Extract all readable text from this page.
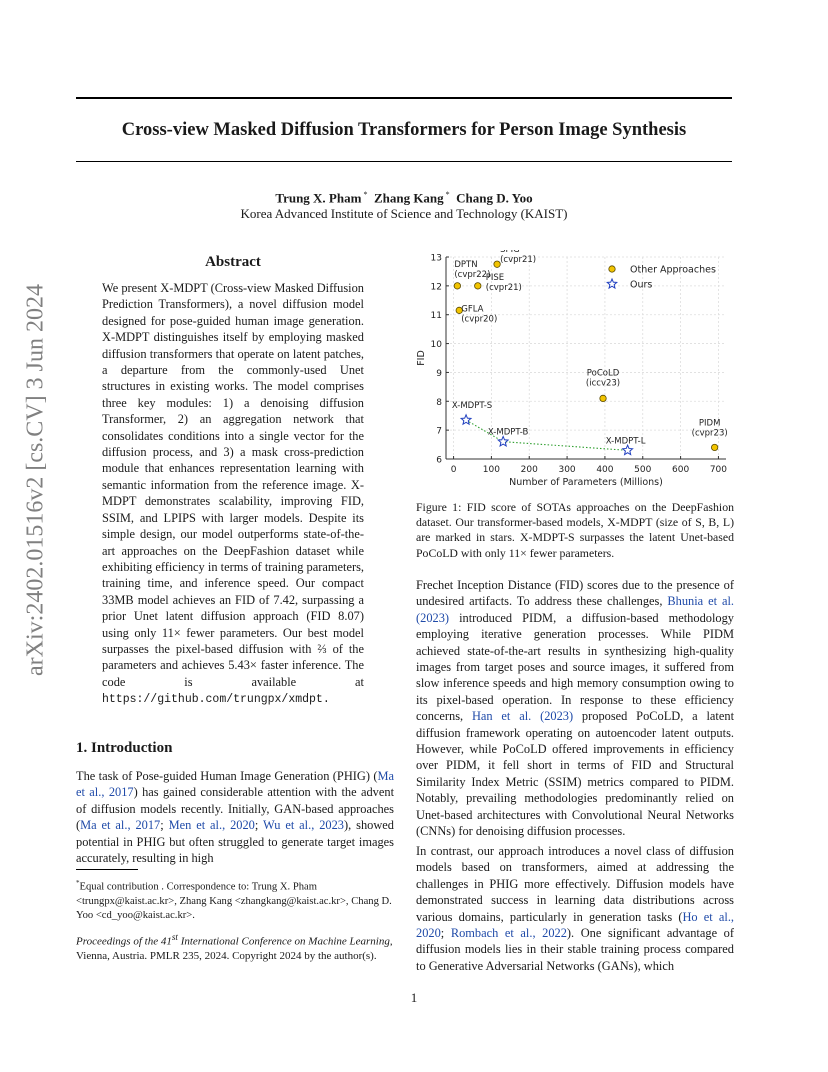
Cross-view Masked Diffusion Transformers for Person Image Synthesis
Trung X. Pham * Zhang Kang * Chang D. Yoo
Korea Advanced Institute of Science and Technology (KAIST)
arXiv:2402.01516v2 [cs.CV] 3 Jun 2024
Abstract
We present X-MDPT (Cross-view Masked Diffusion Prediction Transformers), a novel diffusion model designed for pose-guided human image generation. X-MDPT distinguishes itself by employing masked diffusion transformers that operate on latent patches, a departure from the commonly-used Unet structures in existing works. The model comprises three key modules: 1) a denoising diffusion Transformer, 2) an aggregation network that consolidates conditions into a single vector for the diffusion process, and 3) a mask cross-prediction module that enhances representation learning with semantic information from the reference image. X-MDPT demonstrates scalability, improving FID, SSIM, and LPIPS with larger models. Despite its simple design, our model outperforms state-of-the-art approaches on the DeepFashion dataset while exhibiting efficiency in terms of training parameters, training time, and inference speed. Our compact 33MB model achieves an FID of 7.42, surpassing a prior Unet latent diffusion approach (FID 8.07) using only 11× fewer parameters. Our best model surpasses the pixel-based diffusion with ⅔ of the parameters and achieves 5.43× faster inference. The code is available at https://github.com/trungpx/xmdpt.
1. Introduction
The task of Pose-guided Human Image Generation (PHIG) (Ma et al., 2017) has gained considerable attention with the advent of diffusion models recently. Initially, GAN-based approaches (Ma et al., 2017; Men et al., 2020; Wu et al., 2023), showed potential in PHIG but often struggled to generate target images accurately, resulting in high
*Equal contribution . Correspondence to: Trung X. Pham <trungpx@kaist.ac.kr>, Zhang Kang <zhangkang@kaist.ac.kr>, Chang D. Yoo <cd_yoo@kaist.ac.kr>.
Proceedings of the 41st International Conference on Machine Learning, Vienna, Austria. PMLR 235, 2024. Copyright 2024 by the author(s).
0	100 200 300 400 500 600 700
6
7
8
9
10
11
12
13
Number of Parameters (Millions)
FID
SPIG
(cvpr21)
DPTN
(cvpr22)
PISE
(cvpr21)
GFLA
(cvpr20)
PoCoLD
(iccv23)
PIDM
(cvpr23)
X-MDPT-S
X-MDPT-B
X-MDPT-L
Other Approaches
Ours
Figure 1: FID score of SOTAs approaches on the DeepFashion dataset. Our transformer-based models, X-MDPT (size of S, B, L) are marked in stars. X-MDPT-S surpasses the latent Unet-based PoCoLD with only 11× fewer parameters.
Frechet Inception Distance (FID) scores due to the presence of undesired artifacts. To address these challenges, Bhunia et al. (2023) introduced PIDM, a diffusion-based methodology employing iterative generation processes. While PIDM achieved state-of-the-art results in synthesizing high-quality images from target poses and source images, it suffered from slow inference speeds and high memory consumption owing to its pixel-based operation. In response to these efficiency concerns, Han et al. (2023) proposed PoCoLD, a latent diffusion framework operating on autoencoder latent outputs. However, while PoCoLD offered improvements in efficiency over PIDM, it fell short in terms of FID and Structural Similarity Index Metric (SSIM) metrics compared to PIDM. Notably, prevailing methodologies predominantly relied on Unet-based architectures with Convolutional Neural Networks (CNNs) for denoising diffusion processes.
In contrast, our approach introduces a novel class of diffusion models based on transformers, aimed at addressing the challenges in PHIG more effectively. Diffusion models have demonstrated success in learning data distributions across various domains, particularly in generation tasks (Ho et al., 2020; Rombach et al., 2022). One significant advantage of diffusion models lies in their stable training process compared to Generative Adversarial Networks (GANs), which
1
